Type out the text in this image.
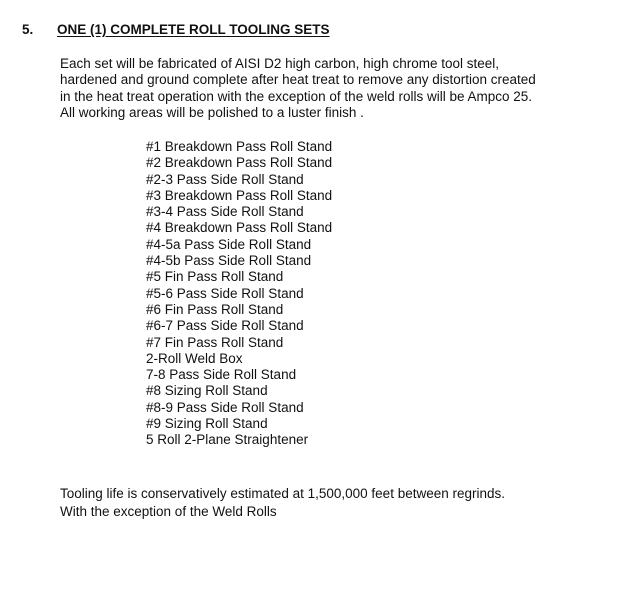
5. ONE (1) COMPLETE ROLL TOOLING SETS
Each set will be fabricated of AISI D2 high carbon, high chrome tool steel,
hardened and ground complete after heat treat to remove any distortion created
in the heat treat operation with the exception of the weld rolls will be Ampco 25.
All working areas will be polished to a luster finish .
#1 Breakdown Pass Roll Stand
#2 Breakdown Pass Roll Stand
#2-3 Pass Side Roll Stand
#3 Breakdown Pass Roll Stand
#3-4 Pass Side Roll Stand
#4 Breakdown Pass Roll Stand
#4-5a Pass Side Roll Stand
#4-5b Pass Side Roll Stand
#5 Fin Pass Roll Stand
#5-6 Pass Side Roll Stand
#6 Fin Pass Roll Stand
#6-7 Pass Side Roll Stand
#7 Fin Pass Roll Stand
2-Roll Weld Box
7-8 Pass Side Roll Stand
#8 Sizing Roll Stand
#8-9 Pass Side Roll Stand
#9 Sizing Roll Stand
5 Roll 2-Plane Straightener
Tooling life is conservatively estimated at 1,500,000 feet between regrinds.
With the exception of the Weld Rolls
